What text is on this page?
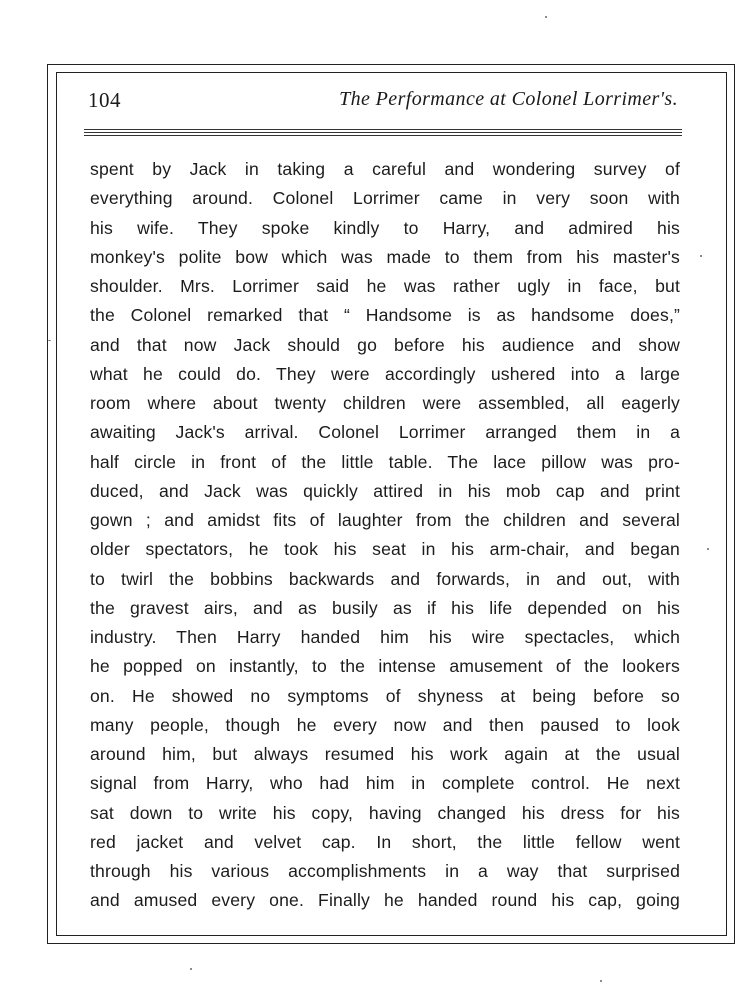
104	The Performance at Colonel Lorrimer's.
spent by Jack in taking a careful and wondering survey of
everything around. Colonel Lorrimer came in very soon with
his wife. They spoke kindly to Harry, and admired his
monkey's polite bow which was made to them from his master's
shoulder. Mrs. Lorrimer said he was rather ugly in face, but
the Colonel remarked that “ Handsome is as handsome does,”
and that now Jack should go before his audience and show
what he could do. They were accordingly ushered into a large
room where about twenty children were assembled, all eagerly
awaiting Jack's arrival. Colonel Lorrimer arranged them in a
half circle in front of the little table. The lace pillow was pro-
duced, and Jack was quickly attired in his mob cap and print
gown ; and amidst fits of laughter from the children and several
older spectators, he took his seat in his arm-chair, and began
to twirl the bobbins backwards and forwards, in and out, with
the gravest airs, and as busily as if his life depended on his
industry. Then Harry handed him his wire spectacles, which
he popped on instantly, to the intense amusement of the lookers
on. He showed no symptoms of shyness at being before so
many people, though he every now and then paused to look
around him, but always resumed his work again at the usual
signal from Harry, who had him in complete control. He next
sat down to write his copy, having changed his dress for his
red jacket and velvet cap. In short, the little fellow went
through his various accomplishments in a way that surprised
and amused every one. Finally he handed round his cap, going
